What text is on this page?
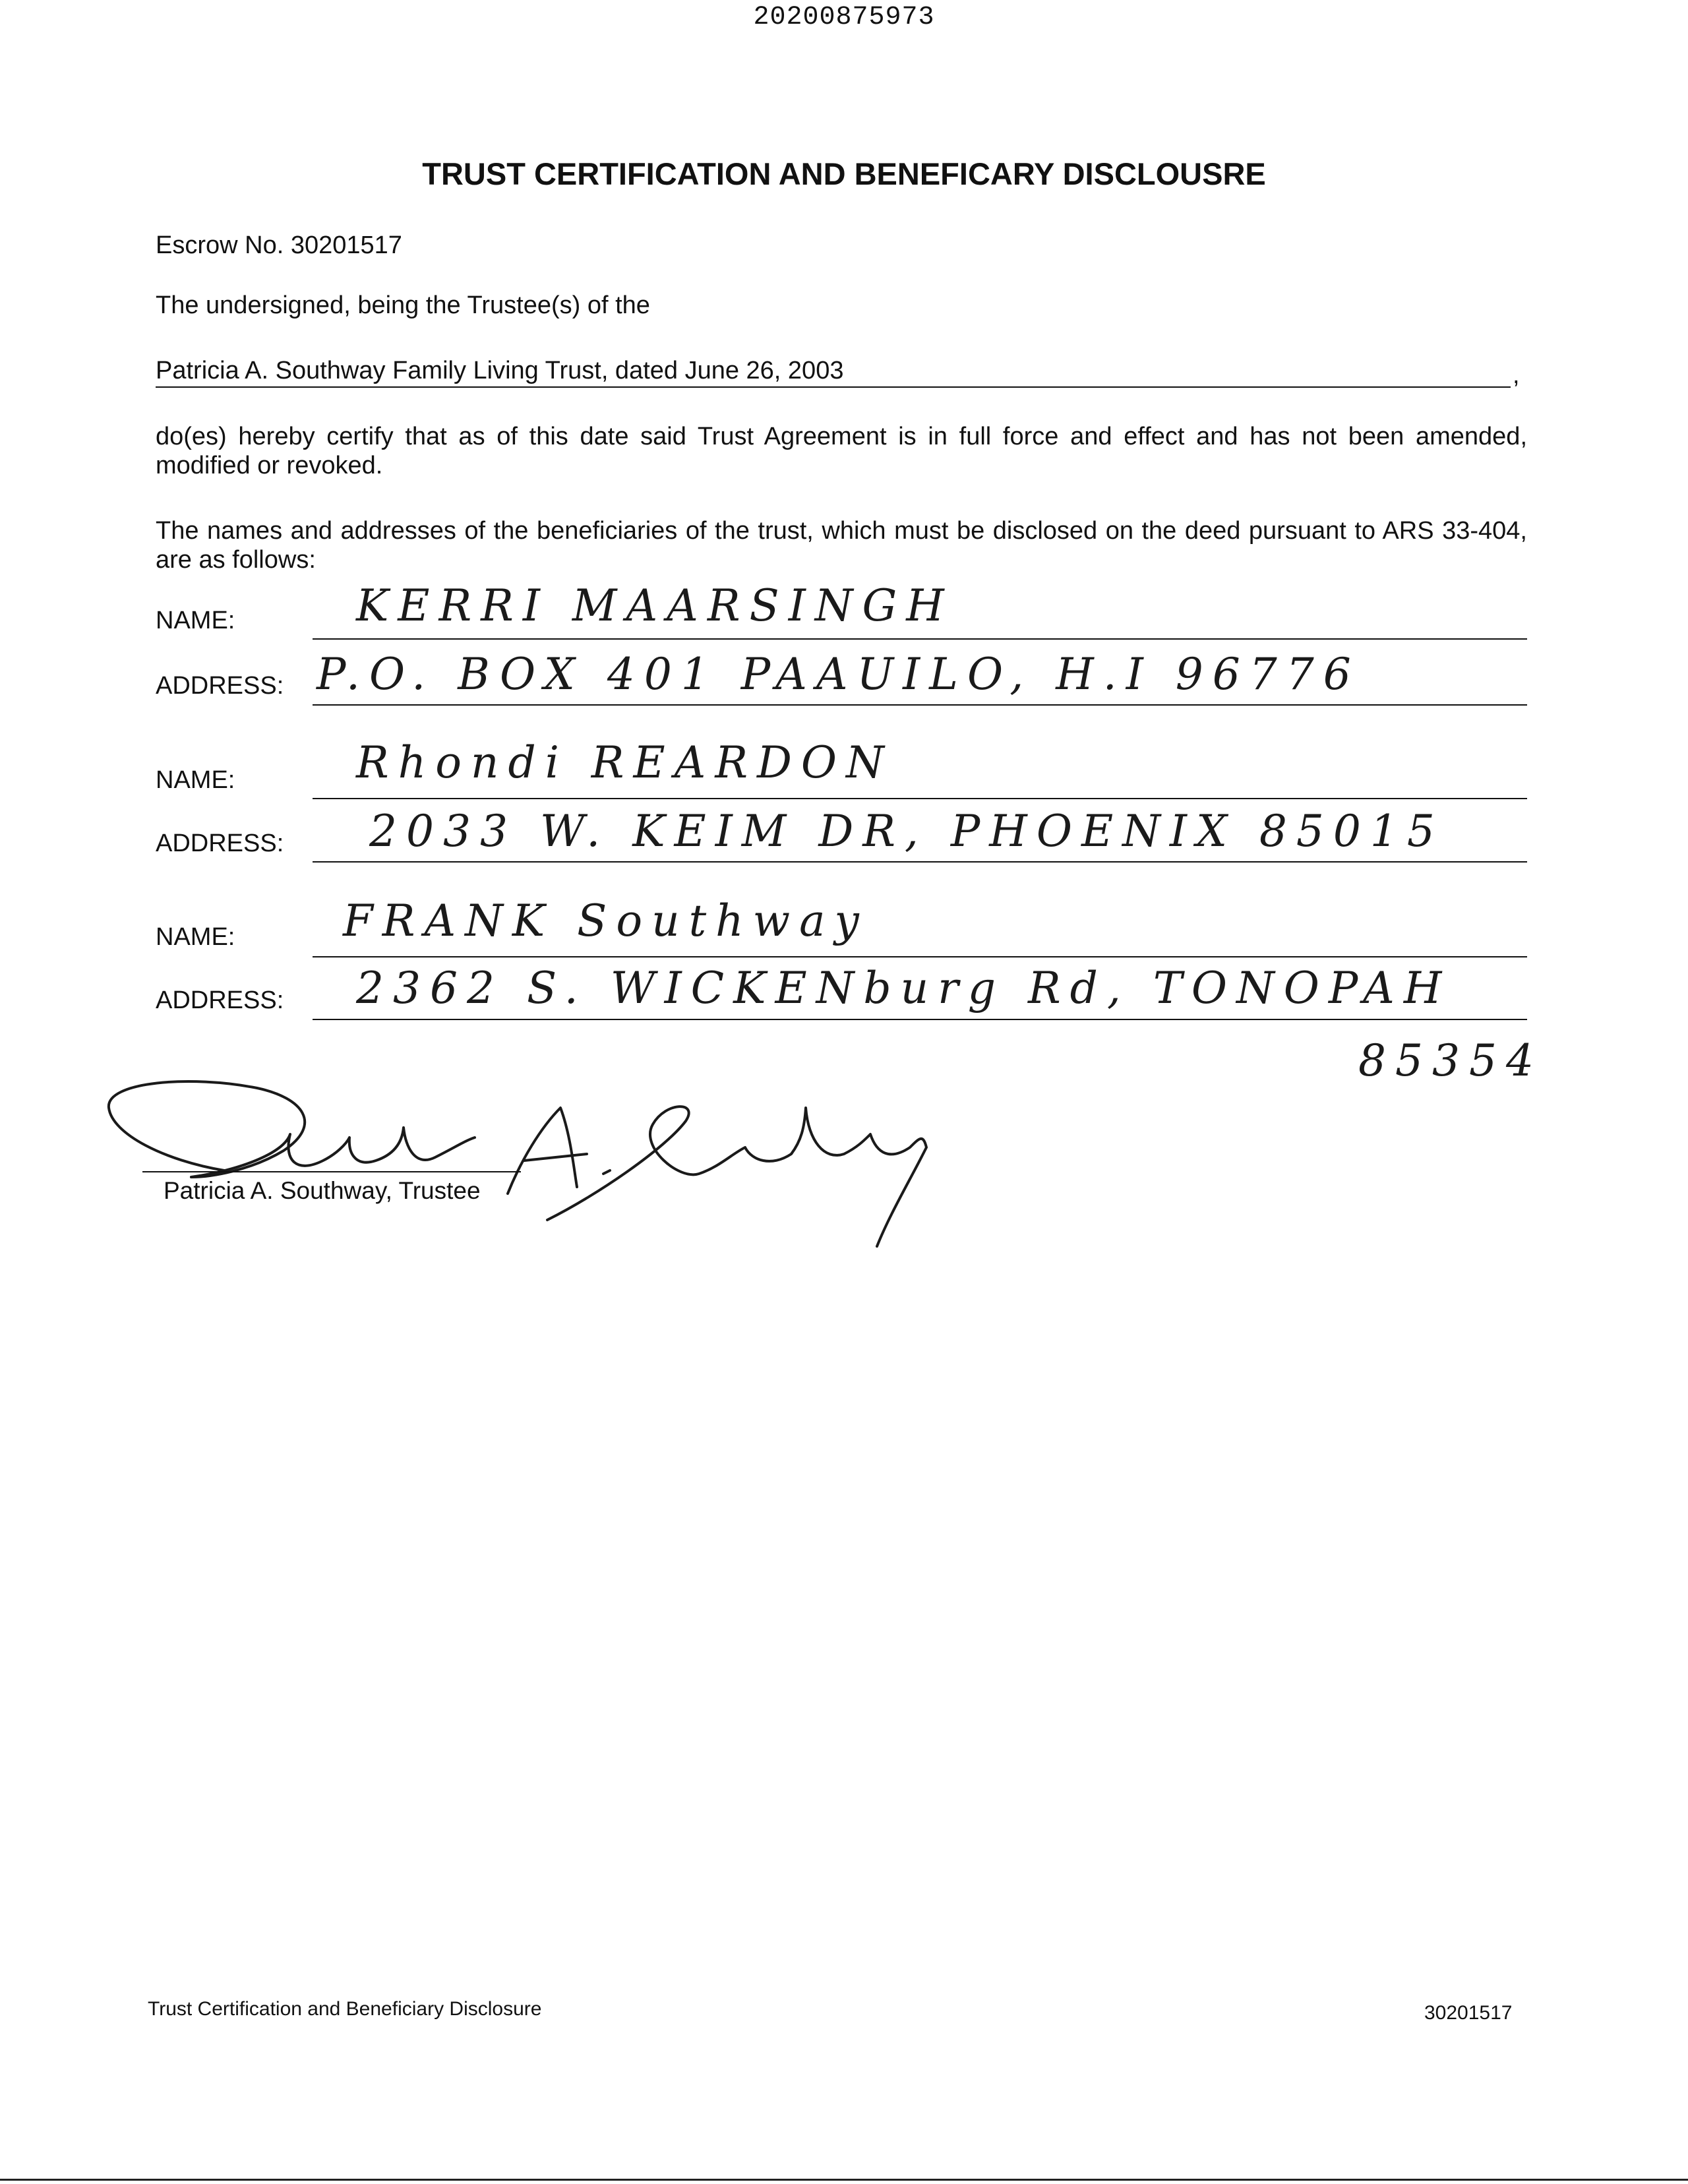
20200875973
TRUST CERTIFICATION AND BENEFICARY DISCLOUSRE
Escrow No. 30201517
The undersigned, being the Trustee(s) of the
Patricia A. Southway Family Living Trust, dated June 26, 2003	,
do(es) hereby certify that as of this date said Trust Agreement is in full force and effect and has not been amended, modified or revoked.
The names and addresses of the beneficiaries of the trust, which must be disclosed on the deed pursuant to ARS 33-404, are as follows:
NAME:	KERRI MAARSINGH
ADDRESS: P.O. BOX 401 PAAUILO, H.I 96776
NAME:	Rhondi REARDON
ADDRESS: 2033 W. KEIM DR, PHOENIX 85015
NAME: FRANK Southway
ADDRESS: 2362 S. WICKENburg Rd, TONOPAH
85354
Patricia A. Southway, Trustee
Trust Certification and Beneficiary Disclosure	30201517
